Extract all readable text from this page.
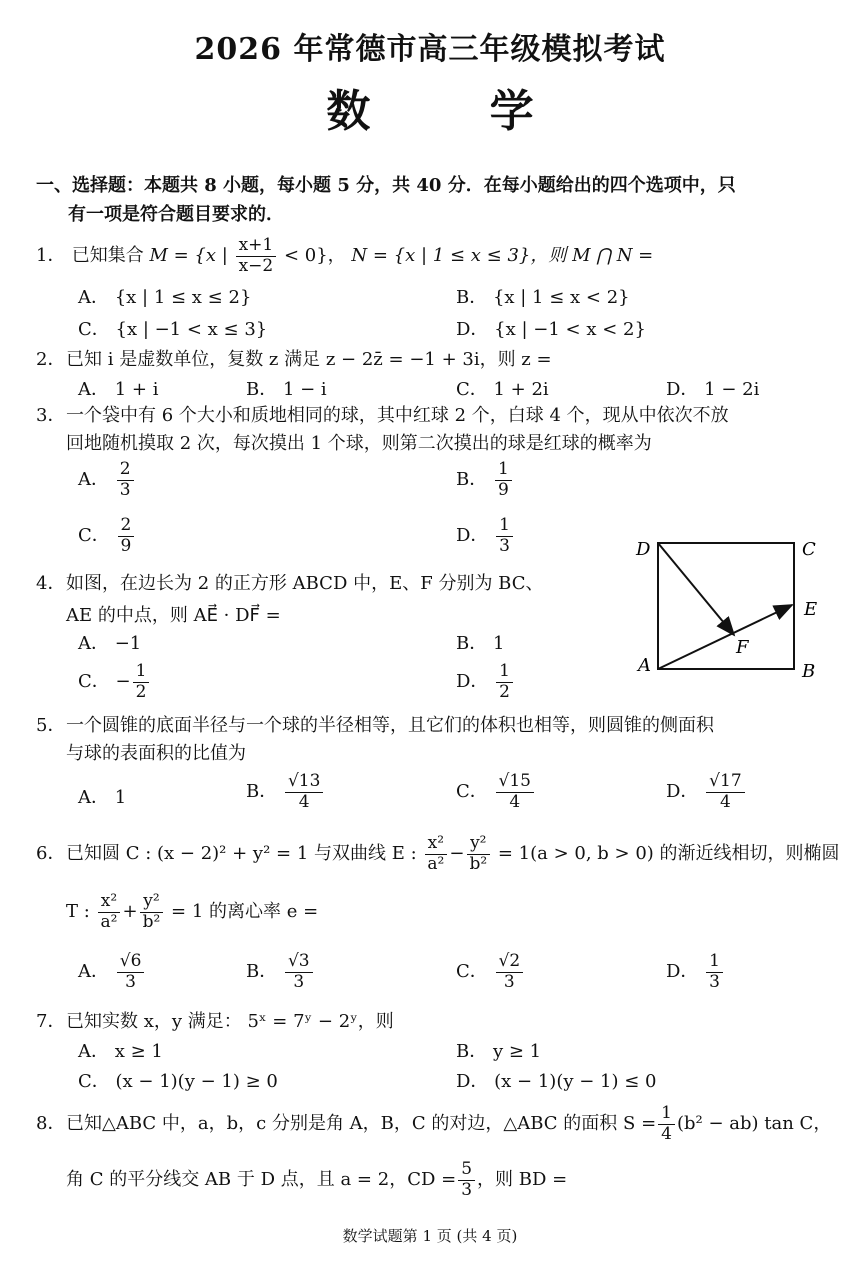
2026 年常德市高三年级模拟考试
数 学
一、选择题：本题共 8 小题，每小题 5 分，共 40 分．在每小题给出的四个选项中，只
有一项是符合题目要求的．
1． 已知集合 M = {x | $\frac{x+1}{x-2} < 0$}， N = {x | 1 ≤ x ≤ 3}，则 M ⋂ N =
A． {x | 1 ≤ x ≤ 2}	B． {x | 1 ≤ x < 2}
C． {x | −1 < x ≤ 3}	D． {x | −1 < x < 2}
2．已知 i 是虚数单位，复数 z 满足 z − 2z̄ = −1 + 3i，则 z =
A． 1 + i	B． 1 − i	C． 1 + 2i	D． 1 − 2i
3．一个袋中有 6 个大小和质地相同的球，其中红球 2 个，白球 4 个，现从中依次不放
回地随机摸取 2 次，每次摸出 1 个球，则第二次摸出的球是红球的概率为
A． $\frac{2}{3}$	B． $\frac{1}{9}$
C． $\frac{2}{9}$	D． $\frac{1}{3}$
4．如图，在边长为 2 的正方形 ABCD 中，E、F 分别为 BC、
AE 的中点，则 AE⃗ · DF⃗ =
A． −1	B． 1
C． − $\frac{1}{2}$	D． $\frac{1}{2}$
D	C
E
F
A	B
5．一个圆锥的底面半径与一个球的半径相等，且它们的体积也相等，则圆锥的侧面积
与球的表面积的比值为
A． 1	B． $\frac{√13}{4}$	C． $\frac{√15}{4}$	D． $\frac{√17}{4}$
6．已知圆 C : (x − 2)² + y² = 1 与双曲线 E : $\frac{\text{x²}}{\text{a²}} - \frac{\text{y²}}{\text{b²}} = 1(a > 0$, b > 0) 的渐近线相切，则椭圆
T : $\frac{\text{x²}}{\text{a²}} + \frac{\text{y²}}{\text{b²}} = 1$ 的离心率 e =
A． $\frac{√6}{3}$	B． $\frac{√3}{3}$	C． $\frac{√2}{3}$	D． $\frac{1}{3}$
7．已知实数 x，y 满足： 5ˣ = 7ʸ − 2ʸ，则
A． x ≥ 1	B． y ≥ 1
C． (x − 1)(y − 1) ≥ 0	D． (x − 1)(y − 1) ≤ 0
8．已知△ABC 中，a，b，c 分别是角 A，B，C 的对边，△ABC 的面积 $S = \frac{1}{4} (b^2 - ab)$ tan C，
角 C 的平分线交 AB 于 D 点，且 a = 2，CD = $\frac{5}{3}$ ，则 BD =
数学试题第 1 页 (共 4 页)
